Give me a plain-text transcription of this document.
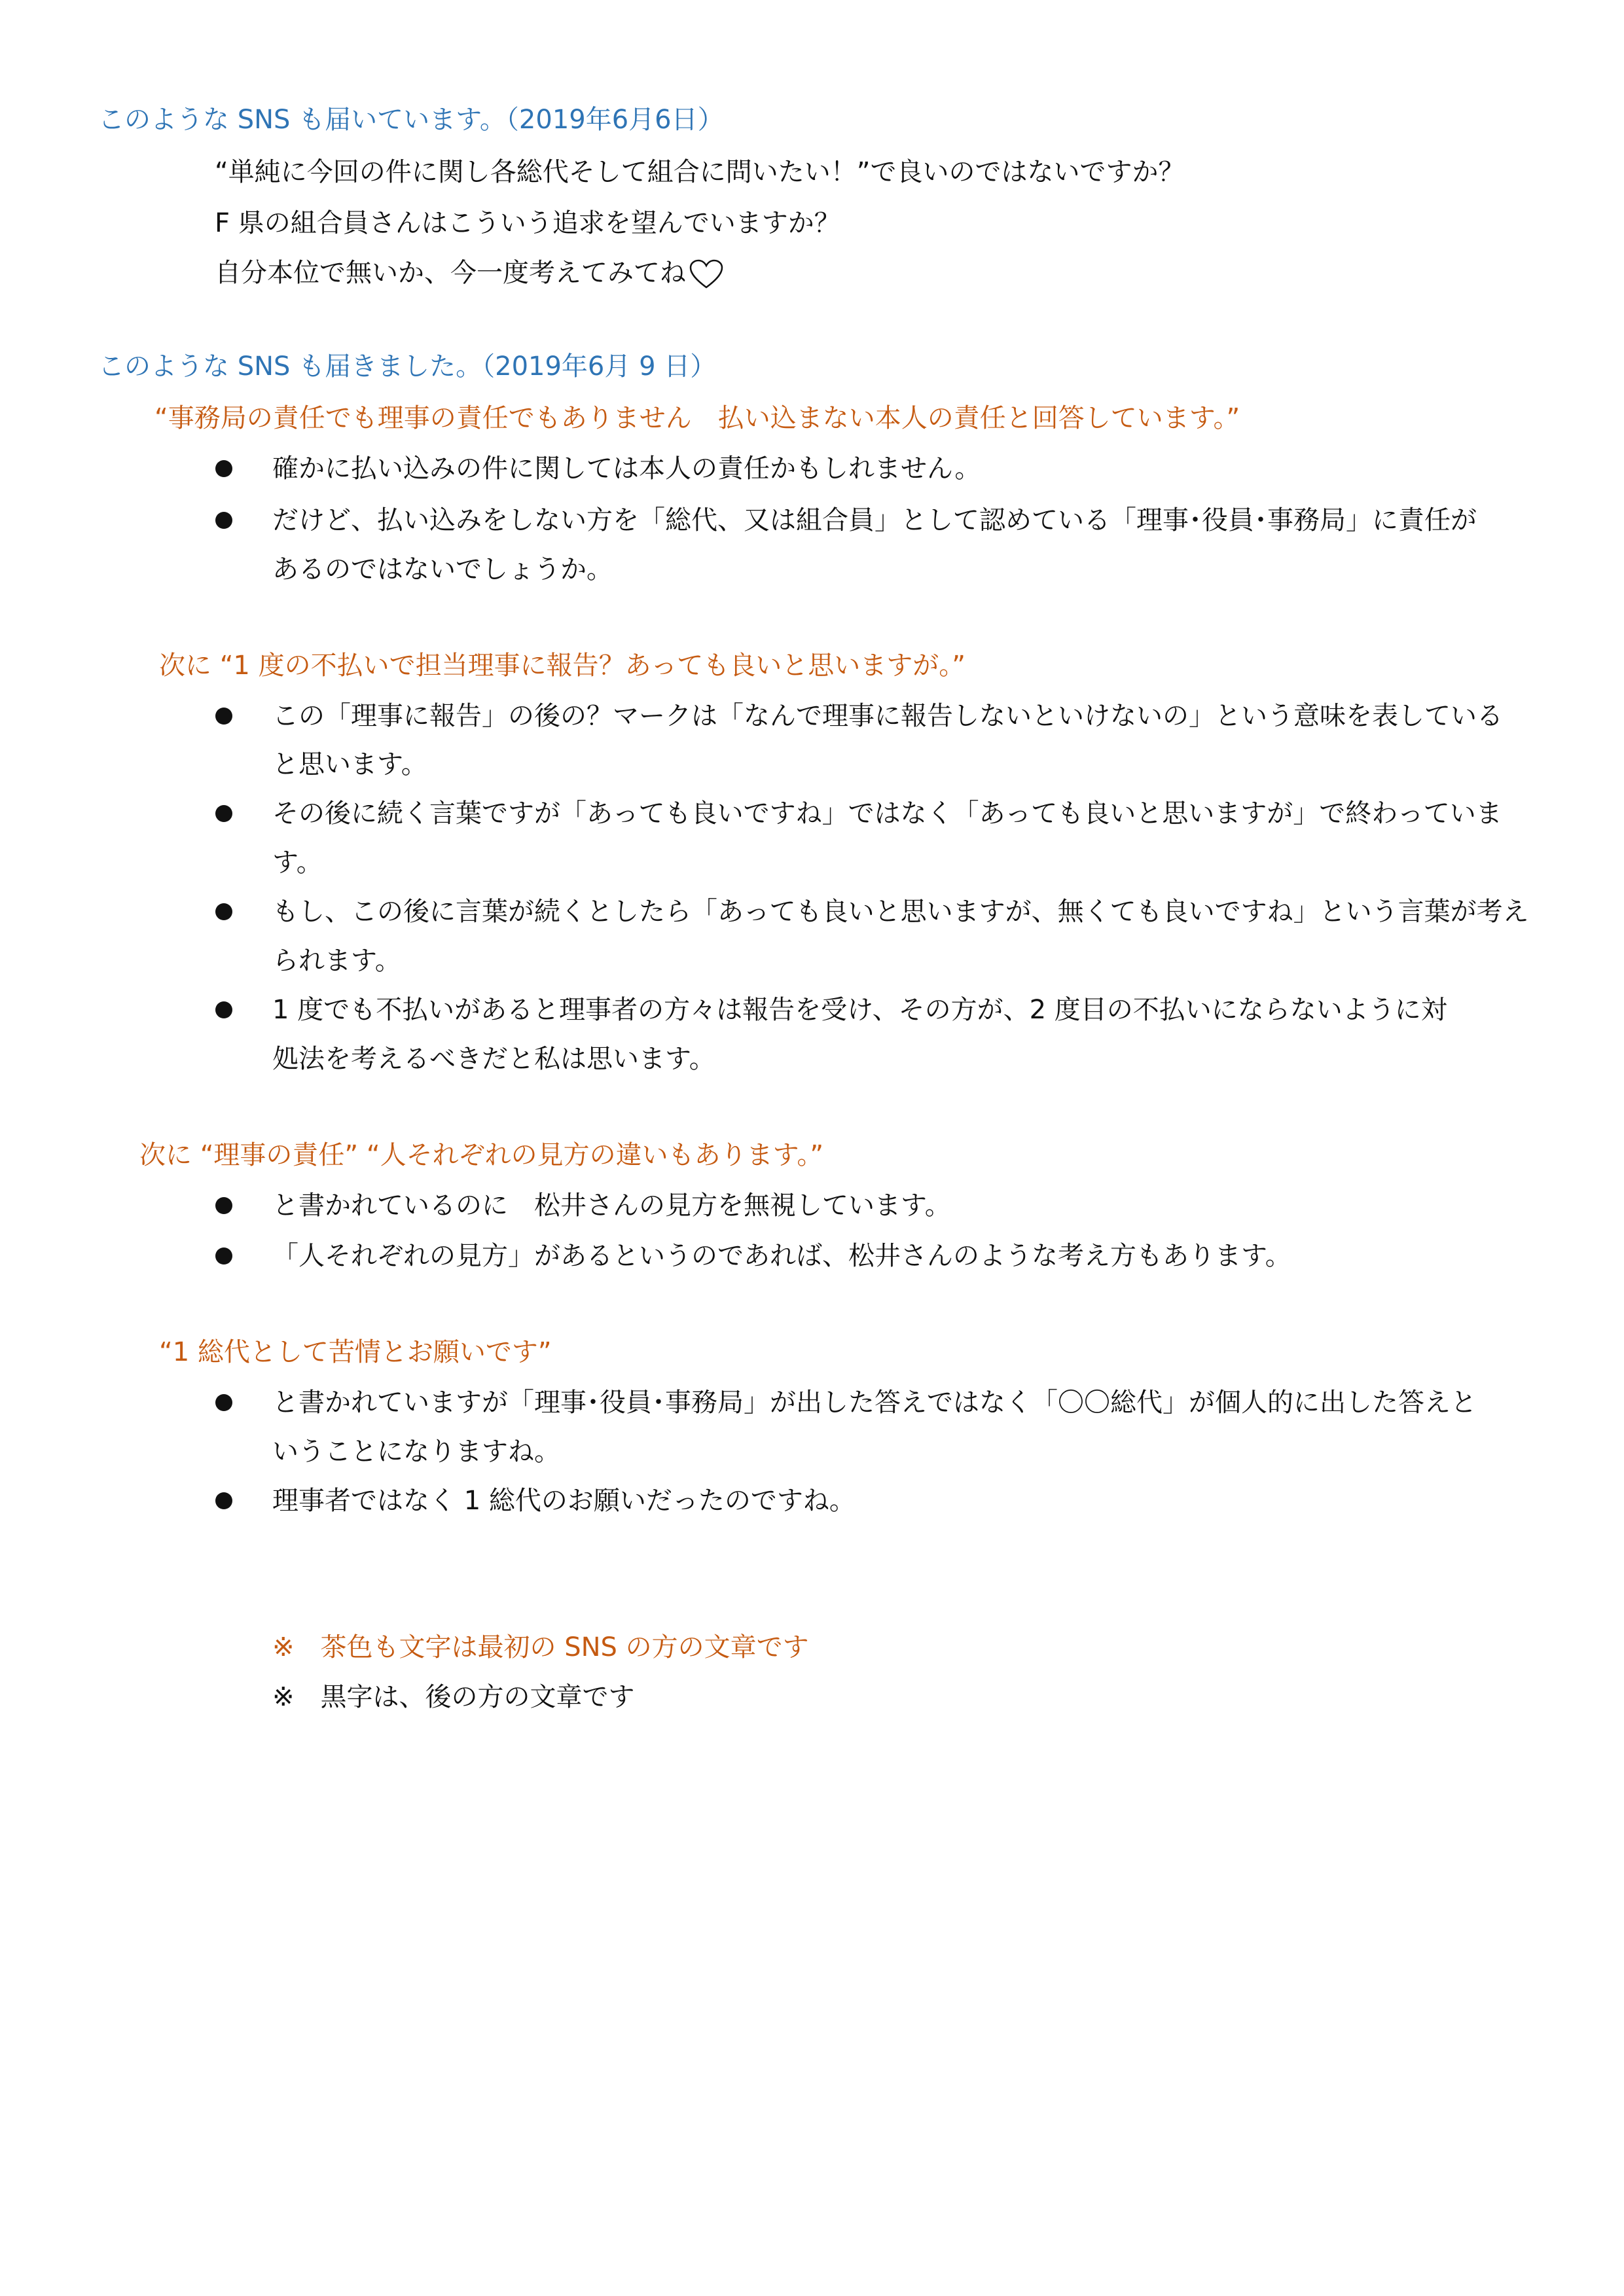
このような SNS も届いています。（2019年6月6日）
“単純に今回の件に関し各総代そして組合に問いたい！”で良いのではないですか？
F 県の組合員さんはこういう追求を望んでいますか？
自分本位で無いか、今一度考えてみてね
このような SNS も届きました。（2019年6月 9 日）
“事務局の責任でも理事の責任でもありません　払い込まない本人の責任と回答しています。”
確かに払い込みの件に関しては本人の責任かもしれません。
だけど、払い込みをしない方を「総代、又は組合員」として認めている「理事･役員･事務局」に責任が
あるのではないでしょうか。
次に “1 度の不払いで担当理事に報告？あっても良いと思いますが。”
この「理事に報告」の後の？マークは「なんで理事に報告しないといけないの」という意味を表している
と思います。
その後に続く言葉ですが「あっても良いですね」ではなく「あっても良いと思いますが」で終わっていま
す。
もし、この後に言葉が続くとしたら「あっても良いと思いますが、無くても良いですね」という言葉が考え
られます。
1 度でも不払いがあると理事者の方々は報告を受け、その方が、2 度目の不払いにならないように対
処法を考えるべきだと私は思います。
次に “理事の責任” “人それぞれの見方の違いもあります。”
と書かれているのに　松井さんの見方を無視しています。
「人それぞれの見方」があるというのであれば、松井さんのような考え方もあります。
“1 総代として苦情とお願いです”
と書かれていますが「理事･役員･事務局」が出した答えではなく「〇〇総代」が個人的に出した答えと
いうことになりますね。
理事者ではなく 1 総代のお願いだったのですね。
※　茶色も文字は最初の SNS の方の文章です
※　黒字は、後の方の文章です
